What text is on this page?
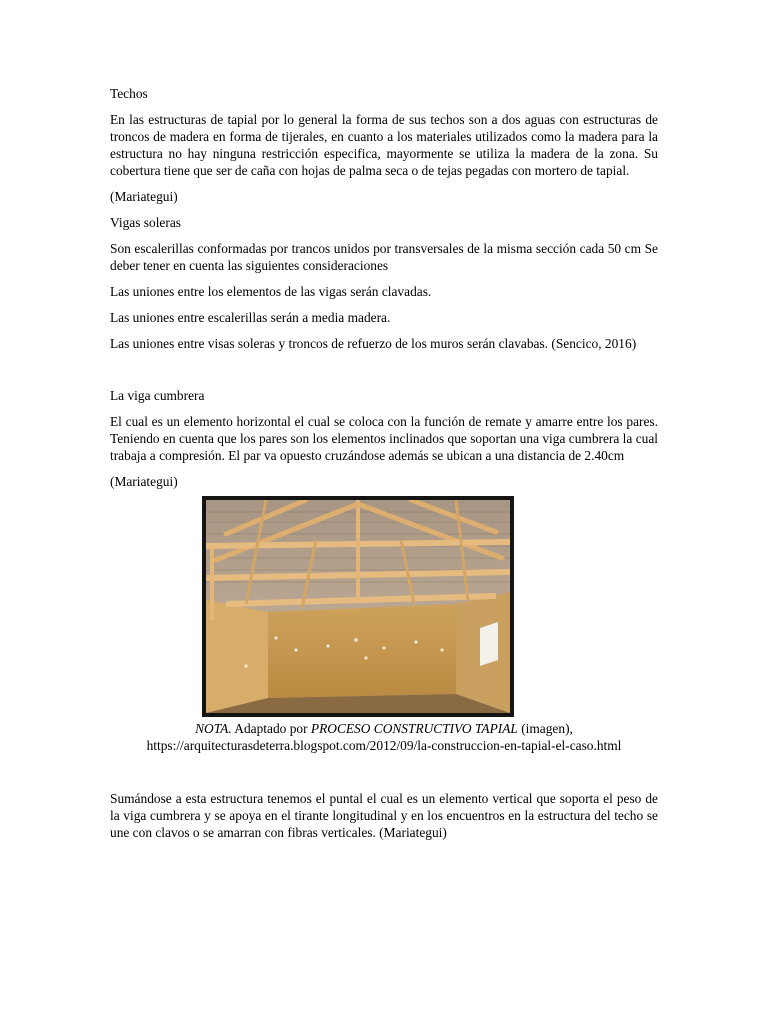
Techos

En las estructuras de tapial por lo general la forma de sus techos son a dos aguas con estructuras de troncos de madera en forma de tijerales, en cuanto a los materiales utilizados como la madera para la estructura no hay ninguna restricción especifica, mayormente se utiliza la madera de la zona. Su cobertura tiene que ser de caña con hojas de palma seca o de tejas pegadas con mortero de tapial.

(Mariategui)

Vigas soleras

Son escalerillas conformadas por trancos unidos por transversales de la misma sección cada 50 cm Se deber tener en cuenta las siguientes consideraciones

Las uniones entre los elementos de las vigas serán clavadas.

Las uniones entre escalerillas serán a media madera.

Las uniones entre visas soleras y troncos de refuerzo de los muros serán clavabas. (Sencico, 2016)

La viga cumbrera

El cual es un elemento horizontal el cual se coloca con la función de remate y amarre entre los pares. Teniendo en cuenta que los pares son los elementos inclinados que soportan una viga cumbrera la cual trabaja a compresión. El par va opuesto cruzándose además se ubican a una distancia de 2.40cm

(Mariategui)

NOTA. Adaptado por PROCESO CONSTRUCTIVO TAPIAL (imagen),

https://arquitecturasdeterra.blogspot.com/2012/09/la-construccion-en-tapial-el-caso.html

Sumándose a esta estructura tenemos el puntal el cual es un elemento vertical que soporta el peso de la viga cumbrera y se apoya en el tirante longitudinal y en los encuentros en la estructura del techo se une con clavos o se amarran con fibras verticales. (Mariategui)
